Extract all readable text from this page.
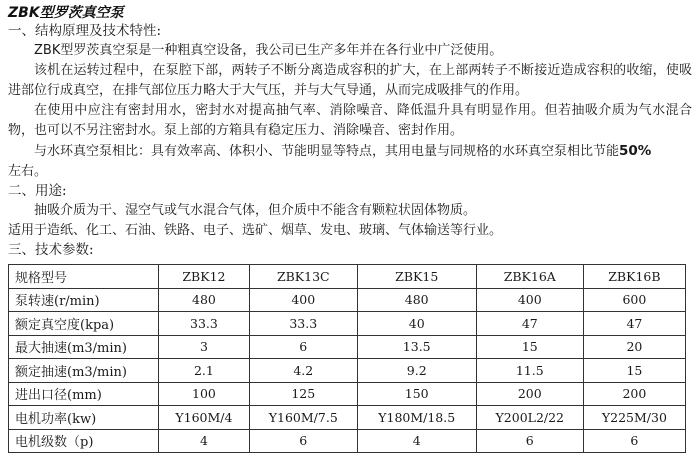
ZBK型罗茨真空泵
一、结构原理及技术特性:
ZBK型罗茨真空泵是一种粗真空设备，我公司已生产多年并在各行业中广泛使用。
该机在运转过程中，在泵腔下部，两转子不断分离造成容积的扩大，在上部两转子不断接近造成容积的收缩，使吸进部位行成真空，在排气部位压力略大于大气压，并与大气导通，从而完成吸排气的作用。
在使用中应注有密封用水，密封水对提高抽气率、消除噪音、降低温升具有明显作用。但若抽吸介质为气水混合物，也可以不另注密封水。泵上部的方箱具有稳定压力、消除噪音、密封作用。
与水环真空泵相比：具有效率高、体积小、节能明显等特点，其用电量与同规格的水环真空泵相比节能50%
左右。
二、用途:
抽吸介质为干、湿空气或气水混合气体，但介质中不能含有颗粒状固体物质。
适用于造纸、化工、石油、铁路、电子、选矿、烟草、发电、玻璃、气体输送等行业。
三、技术参数:
规格型号	ZBK12	ZBK13C	ZBK15	ZBK16A	ZBK16B
泵转速(r/min)	480	400	480	400	600
额定真空度(kpa)	33.3	33.3	40	47	47
最大抽速(m3/min)	3	6	13.5	15	20
额定抽速(m3/min)	2.1	4.2	9.2	11.5	15
进出口径(mm)	100	125	150	200	200
电机功率(kw)	Y160M/4	Y160M/7.5	Y180M/18.5	Y200L2/22	Y225M/30
电机级数（p)	4	6	4	6	6
